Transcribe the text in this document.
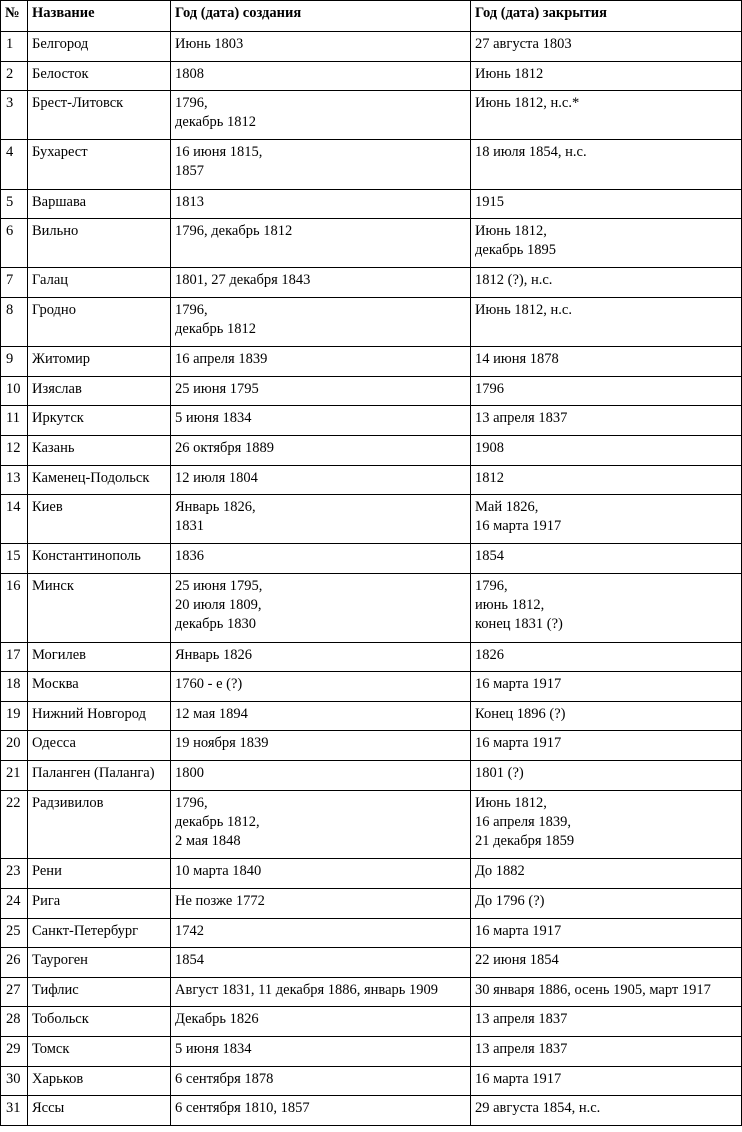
№	Название	Год (дата) создания	Год (дата) закрытия
1	Белгород	Июнь 1803	27 августа 1803

2	Белосток	1808	Июнь 1812

3	Брест-Литовск	1796,
декабрь 1812	Июнь 1812, н.с.*

4	Бухарест	16 июня 1815,
1857	18 июля 1854, н.с.

5	Варшава	1813	1915

6	Вильно	1796, декабрь 1812	Июнь 1812,
декабрь 1895

7	Галац	1801, 27 декабря 1843	1812 (?), н.с.

8	Гродно	1796,
декабрь 1812	Июнь 1812, н.с.

9	Житомир	16 апреля 1839	14 июня 1878

10	Изяслав	25 июня 1795	1796

11	Иркутск	5 июня 1834	13 апреля 1837

12	Казань	26 октября 1889	1908

13	Каменец-Подольск	12 июля 1804	1812

14	Киев	Январь 1826,
1831	Май 1826,
16 марта 1917

15	Константинополь	1836	1854

16	Минск	25 июня 1795,
20 июля 1809,
декабрь 1830	1796,
июнь 1812,
конец 1831 (?)

17	Могилев	Январь 1826	1826

18	Москва	1760 ‑ е (?)	16 марта 1917

19	Нижний Новгород	12 мая 1894	Конец 1896 (?)

20	Одесса	19 ноября 1839	16 марта 1917

21	Паланген (Паланга)	1800	1801 (?)

22	Радзивилов	1796,
декабрь 1812,
2 мая 1848	Июнь 1812,
16 апреля 1839,
21 декабря 1859

23	Рени	10 марта 1840	До 1882

24	Рига	Не позже 1772	До 1796 (?)

25	Санкт-Петербург	1742	16 марта 1917

26	Таурoген	1854	22 июня 1854

27	Тифлис	Август 1831, 11 декабря 1886, январь 1909	30 января 1886, осень 1905, март 1917

28	Тобольск	Декабрь 1826	13 апреля 1837

29	Томск	5 июня 1834	13 апреля 1837

30	Харьков	6 сентября 1878	16 марта 1917

31	Яссы	6 сентября 1810, 1857	29 августа 1854, н.с.
